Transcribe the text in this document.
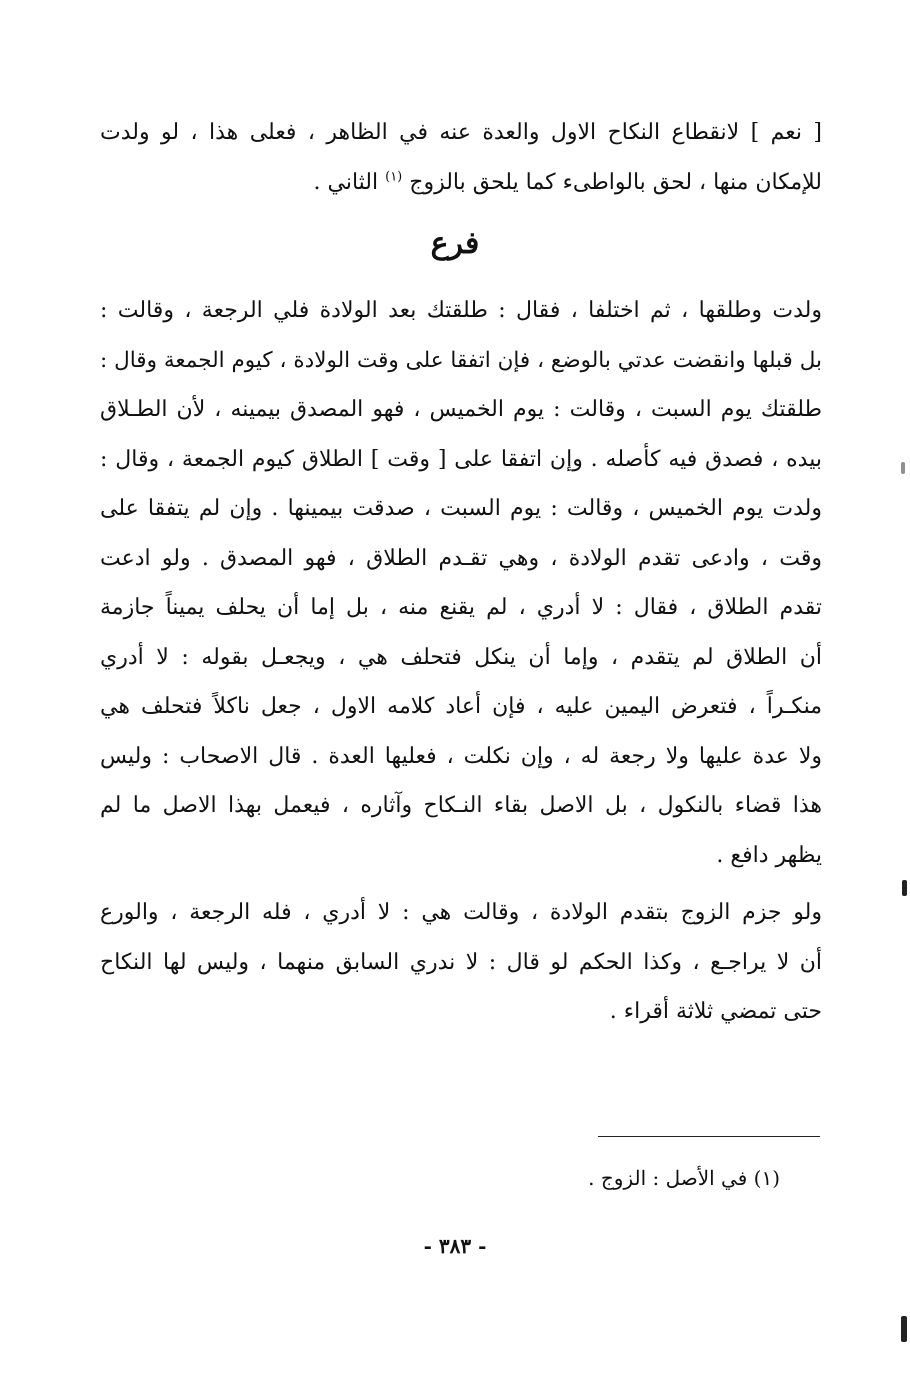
[ نعم ] لانقطاع النكاح الاول والعدة عنه في الظاهر ، فعلى هذا ، لو ولدت
للإمكان منها ، لحق بالواطىء كما يلحق بالزوج $^{(١)}$ الثاني .
فرع
ولدت وطلقها ، ثم اختلفا ، فقال : طلقتك بعد الولادة فلي الرجعة ، وقالت :
بل قبلها وانقضت عدتي بالوضع ، فإن اتفقا على وقت الولادة ، كيوم الجمعة وقال :
طلقتك يوم السبت ، وقالت : يوم الخميس ، فهو المصدق بيمينه ، لأن الطـلاق
بيده ، فصدق فيه كأصله . وإن اتفقا على [ وقت ] الطلاق كيوم الجمعة ، وقال :
ولدت يوم الخميس ، وقالت : يوم السبت ، صدقت بيمينها . وإن لم يتفقا على
وقت ، وادعى تقدم الولادة ، وهي تقـدم الطلاق ، فهو المصدق . ولو ادعت
تقدم الطلاق ، فقال : لا أدري ، لم يقنع منه ، بل إما أن يحلف يميناً جازمة
أن الطلاق لم يتقدم ، وإما أن ينكل فتحلف هي ، ويجعـل بقوله : لا أدري
منكـراً ، فتعرض اليمين عليه ، فإن أعاد كلامه الاول ، جعل ناكلاً فتحلف هي
ولا عدة عليها ولا رجعة له ، وإن نكلت ، فعليها العدة . قال الاصحاب : وليس
هذا قضاء بالنكول ، بل الاصل بقاء النـكاح وآثاره ، فيعمل بهذا الاصل ما لم
يظهر دافع .
ولو جزم الزوج بتقدم الولادة ، وقالت هي : لا أدري ، فله الرجعة ، والورع
أن لا يراجـع ، وكذا الحكم لو قال : لا ندري السابق منهما ، وليس لها النكاح
حتى تمضي ثلاثة أقراء .
(١) في الأصل : الزوج .
- ٣٨٣ -
